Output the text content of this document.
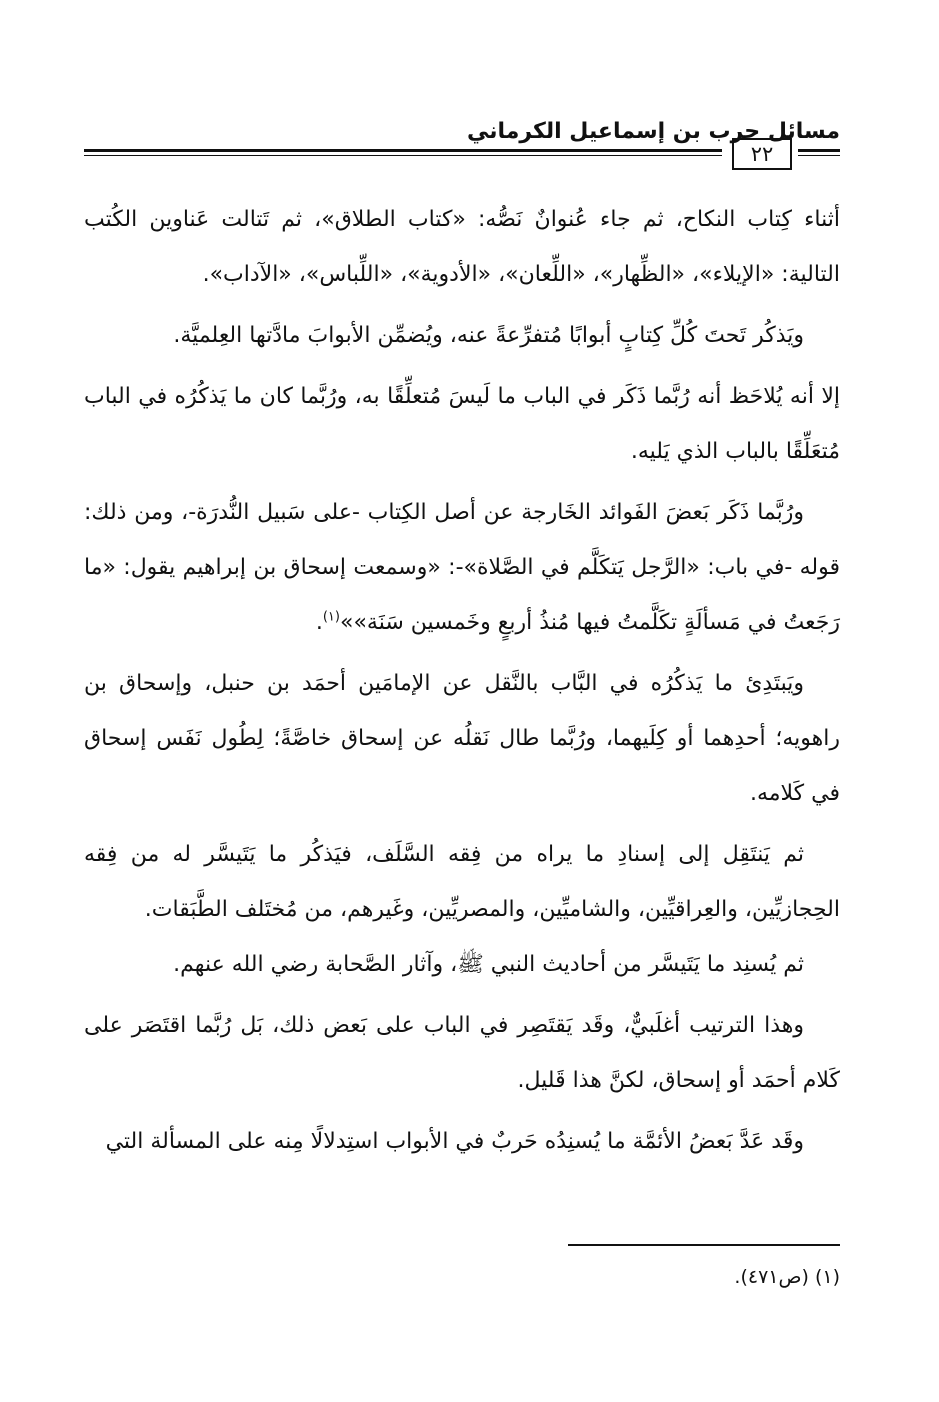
مسائل حرب بن إسماعيل الكرماني
٢٢

أثناء كِتاب النكاح، ثم جاء عُنوانٌ نَصُّه: «كتاب الطلاق»، ثم تَتالت عَناوين الكُتب التالية: «الإيلاء»، «الظِّهار»، «اللِّعان»، «الأدوية»، «اللِّباس»، «الآداب».

ويَذكُر تَحتَ كُلِّ كِتابٍ أبوابًا مُتفرِّعةً عنه، ويُضمِّن الأبوابَ مادَّتها العِلميَّة.

إلا أنه يُلاحَظ أنه رُبَّما ذَكَر في الباب ما لَيسَ مُتعلِّقًا به، ورُبَّما كان ما يَذكُرُه في الباب مُتعَلِّقًا بالباب الذي يَليه.

ورُبَّما ذَكَر بَعضَ الفَوائد الخَارجة عن أصل الكِتاب -على سَبيل النُّدرَة-، ومن ذلك: قوله -في باب: «الرَّجل يَتكَلَّم في الصَّلاة»-: «وسمعت إسحاق بن إبراهيم يقول: «ما رَجَعتُ في مَسألَةٍ تكَلَّمتُ فيها مُنذُ أربعٍ وخَمسين سَنَة»»$^{(١)}$.

ويَبتَدِئ ما يَذكُرُه في البَّاب بالنَّقل عن الإمامَين أحمَد بن حنبل، وإسحاق بن راهويه؛ أحدِهما أو كِلَيهما، ورُبَّما طال نَقلُه عن إسحاق خاصَّةً؛ لِطُول نَفَس إسحاق في كَلامه.

ثم يَنتَقِل إلى إسنادِ ما يراه من فِقه السَّلَف، فيَذكُر ما يَتَيسَّر له من فِقه الحِجازيِّين، والعِراقيِّين، والشاميِّين، والمصريِّين، وغَيرهم، من مُختَلف الطَّبَقات.

ثم يُسنِد ما يَتَيسَّر من أحاديث النبي ﷺ، وآثار الصَّحابة رضي الله عنهم.

وهذا الترتيب أغلَبيٌّ، وقَد يَقتَصِر في الباب على بَعض ذلك، بَل رُبَّما اقتَصَر على كَلام أحمَد أو إسحاق، لكنَّ هذا قَليل.

وقَد عَدَّ بَعضُ الأئمَّة ما يُسنِدُه حَربٌ في الأبواب استِدلالًا مِنه على المسألة التي

(١) (ص٤٧١).
